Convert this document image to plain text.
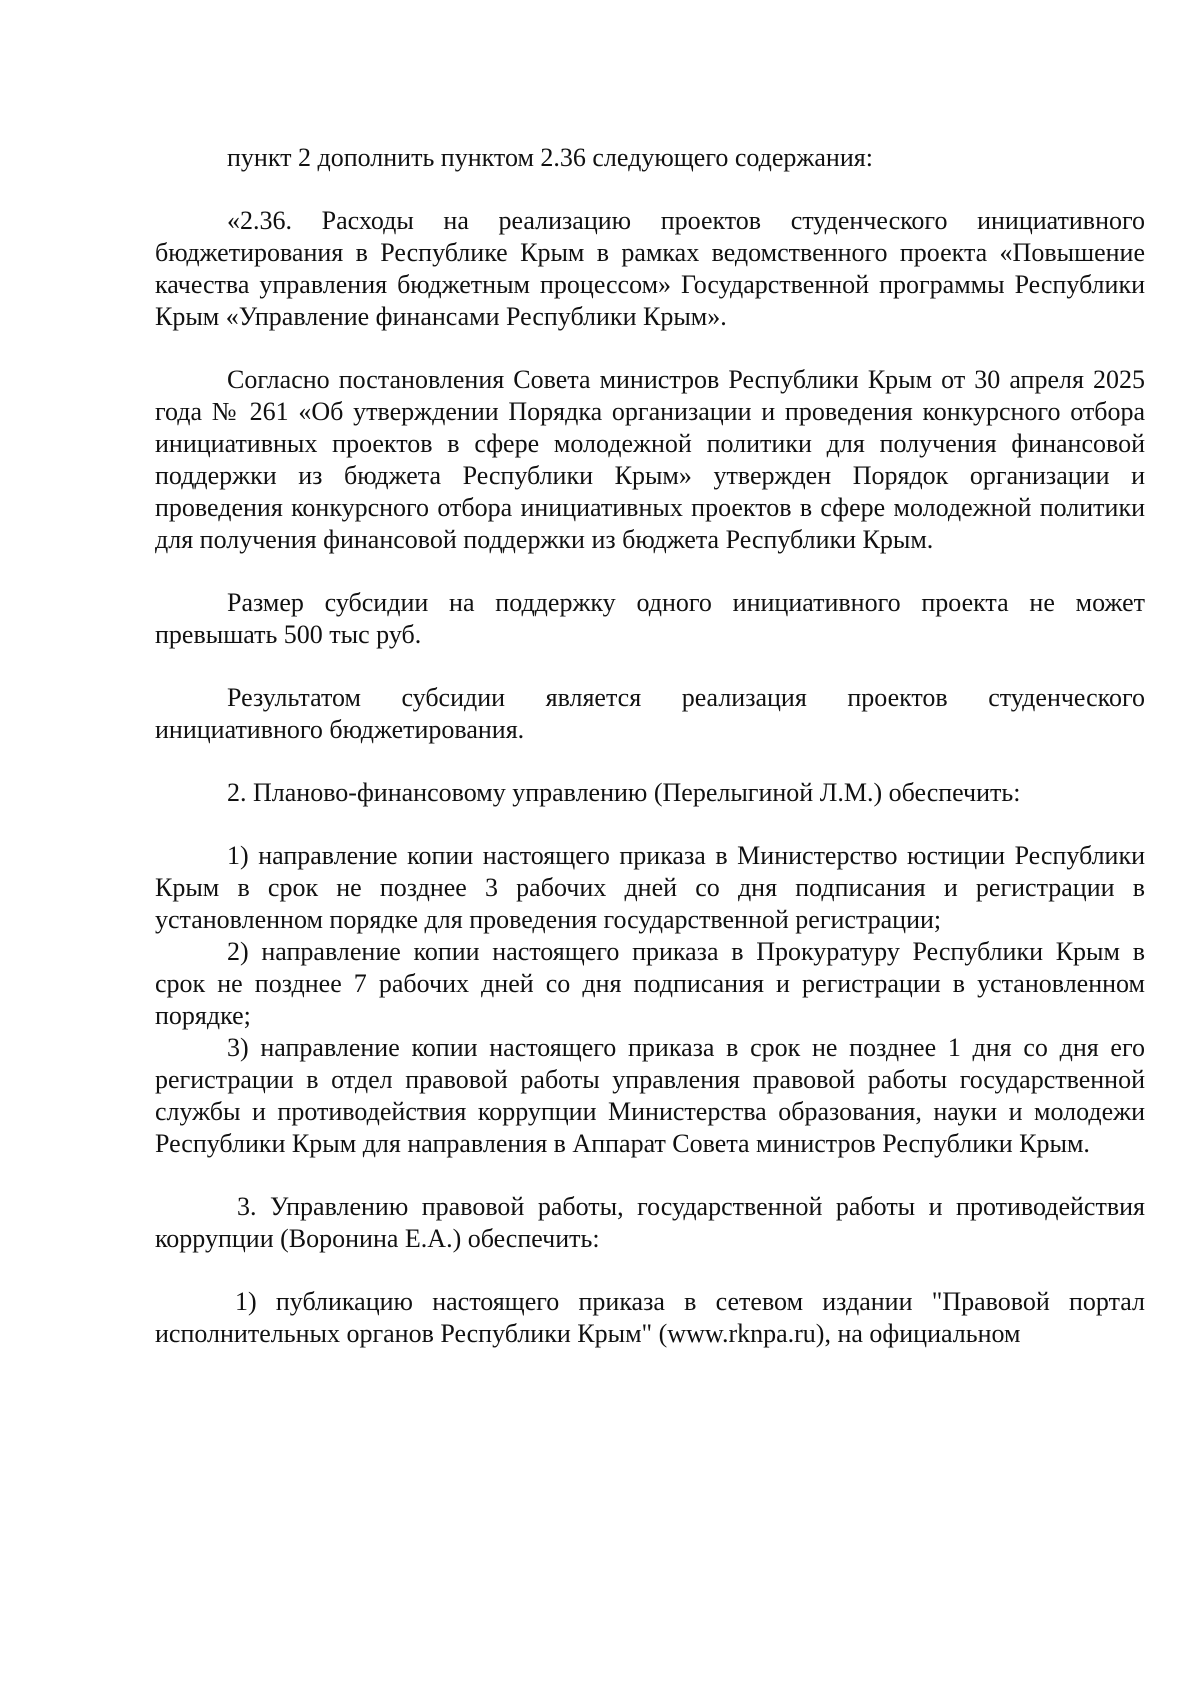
пункт 2 дополнить пунктом 2.36 следующего содержания:

«2.36. Расходы на реализацию проектов студенческого инициативного бюджетирования в Республике Крым в рамках ведомственного проекта «Повышение качества управления бюджетным процессом» Государственной программы Республики Крым «Управление финансами Республики Крым».

Согласно постановления Совета министров Республики Крым от 30 апреля 2025 года № 261 «Об утверждении Порядка организации и проведения конкурсного отбора инициативных проектов в сфере молодежной политики для получения финансовой поддержки из бюджета Республики Крым» утвержден Порядок организации и проведения конкурсного отбора инициативных проектов в сфере молодежной политики для получения финансовой поддержки из бюджета Республики Крым.

Размер субсидии на поддержку одного инициативного проекта не может превышать 500 тыс руб.

Результатом субсидии является реализация проектов студенческого инициативного бюджетирования.

2. Планово-финансовому управлению (Перелыгиной Л.М.) обеспечить:

1) направление копии настоящего приказа в Министерство юстиции Республики Крым в срок не позднее 3 рабочих дней со дня подписания и регистрации в установленном порядке для проведения государственной регистрации;

2) направление копии настоящего приказа в Прокуратуру Республики Крым в срок не позднее 7 рабочих дней со дня подписания и регистрации в установленном порядке;

3) направление копии настоящего приказа в срок не позднее 1 дня со дня его регистрации в отдел правовой работы управления правовой работы государственной службы и противодействия коррупции Министерства образования, науки и молодежи Республики Крым для направления в Аппарат Совета министров Республики Крым.

3. Управлению правовой работы, государственной работы и противодействия коррупции (Воронина Е.А.) обеспечить:

1) публикацию настоящего приказа в сетевом издании "Правовой портал исполнительных органов Республики Крым" (www.rknpa.ru), на официальном
